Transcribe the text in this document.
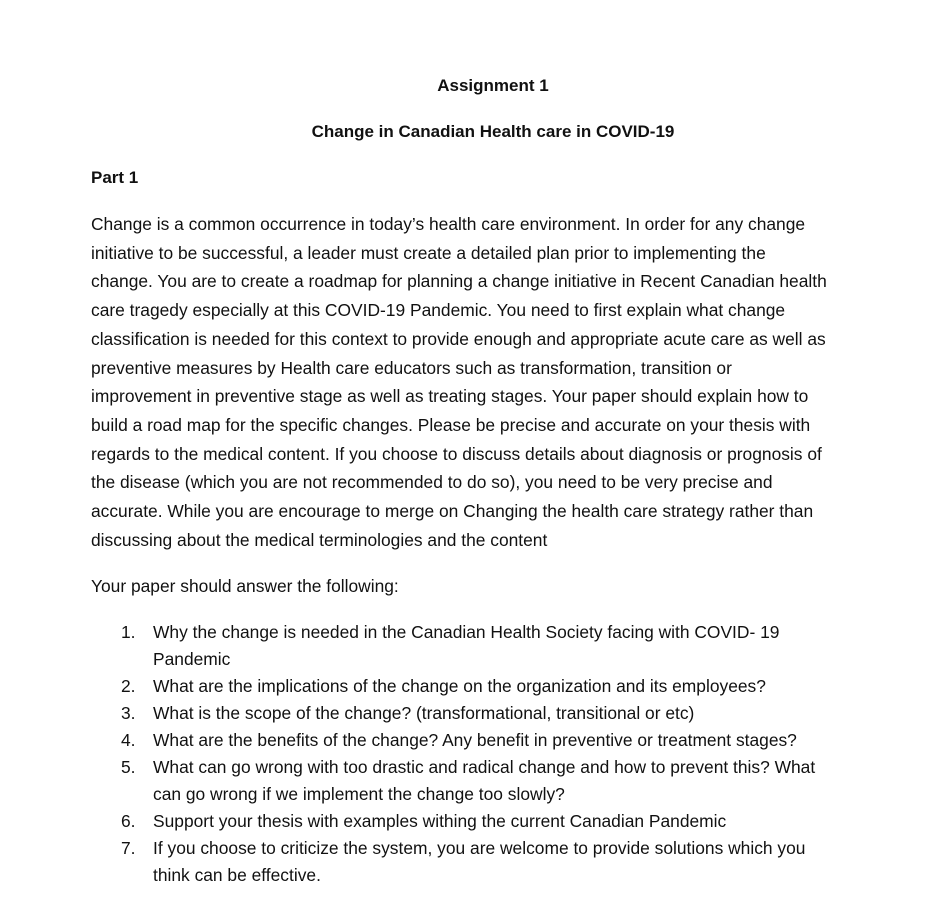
Assignment 1
Change in Canadian Health care in COVID-19
Part 1

Change is a common occurrence in today’s health care environment. In order for any change
initiative to be successful, a leader must create a detailed plan prior to implementing the
change. You are to create a roadmap for planning a change initiative in Recent Canadian health
care tragedy especially at this COVID-19 Pandemic. You need to first explain what change
classification is needed for this context to provide enough and appropriate acute care as well as
preventive measures by Health care educators such as transformation, transition or
improvement in preventive stage as well as treating stages. Your paper should explain how to
build a road map for the specific changes. Please be precise and accurate on your thesis with
regards to the medical content. If you choose to discuss details about diagnosis or prognosis of
the disease (which you are not recommended to do so), you need to be very precise and
accurate. While you are encourage to merge on Changing the health care strategy rather than
discussing about the medical terminologies and the content

Your paper should answer the following:

1. Why the change is needed in the Canadian Health Society facing with COVID- 19
Pandemic
2. What are the implications of the change on the organization and its employees?
3. What is the scope of the change? (transformational, transitional or etc)
4. What are the benefits of the change? Any benefit in preventive or treatment stages?
5. What can go wrong with too drastic and radical change and how to prevent this? What
can go wrong if we implement the change too slowly?
6. Support your thesis with examples withing the current Canadian Pandemic
7. If you choose to criticize the system, you are welcome to provide solutions which you
think can be effective.
